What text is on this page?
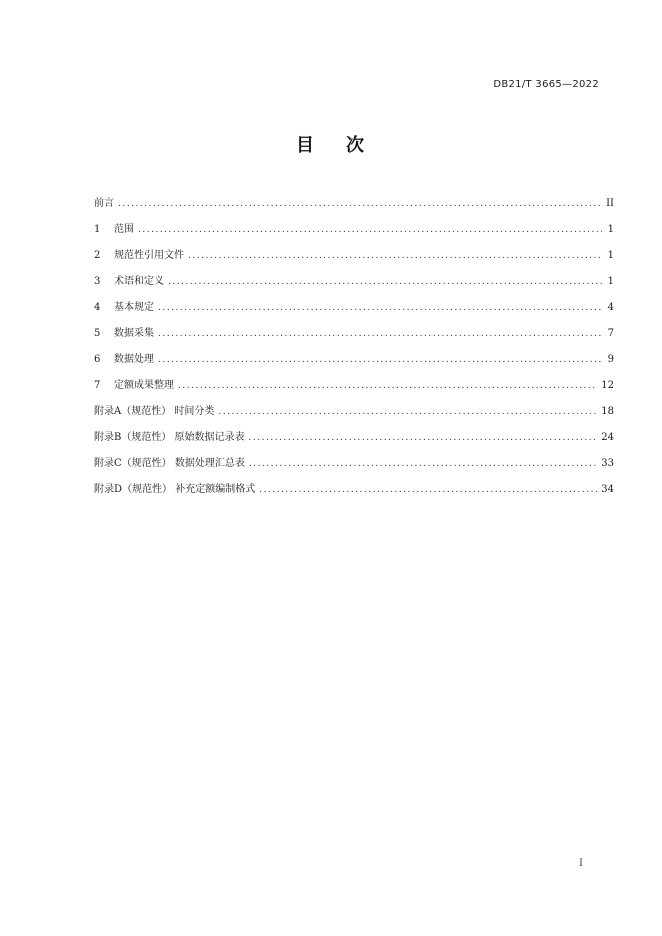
DB21/T 3665—2022
目 次
前言 .....	II
1	范围 .....	1
2	规范性引用文件 .....	1
3	术语和定义 .....	1
4	基本规定 .....	4
5	数据采集 .....	7
6	数据处理 .....	9
7	定额成果整理 .....	12
附录A（规范性） 时间分类 .....	18
附录B（规范性） 原始数据记录表 .....	24
附录C（规范性） 数据处理汇总表 .....	33
附录D（规范性） 补充定额编制格式 .....	34
I
